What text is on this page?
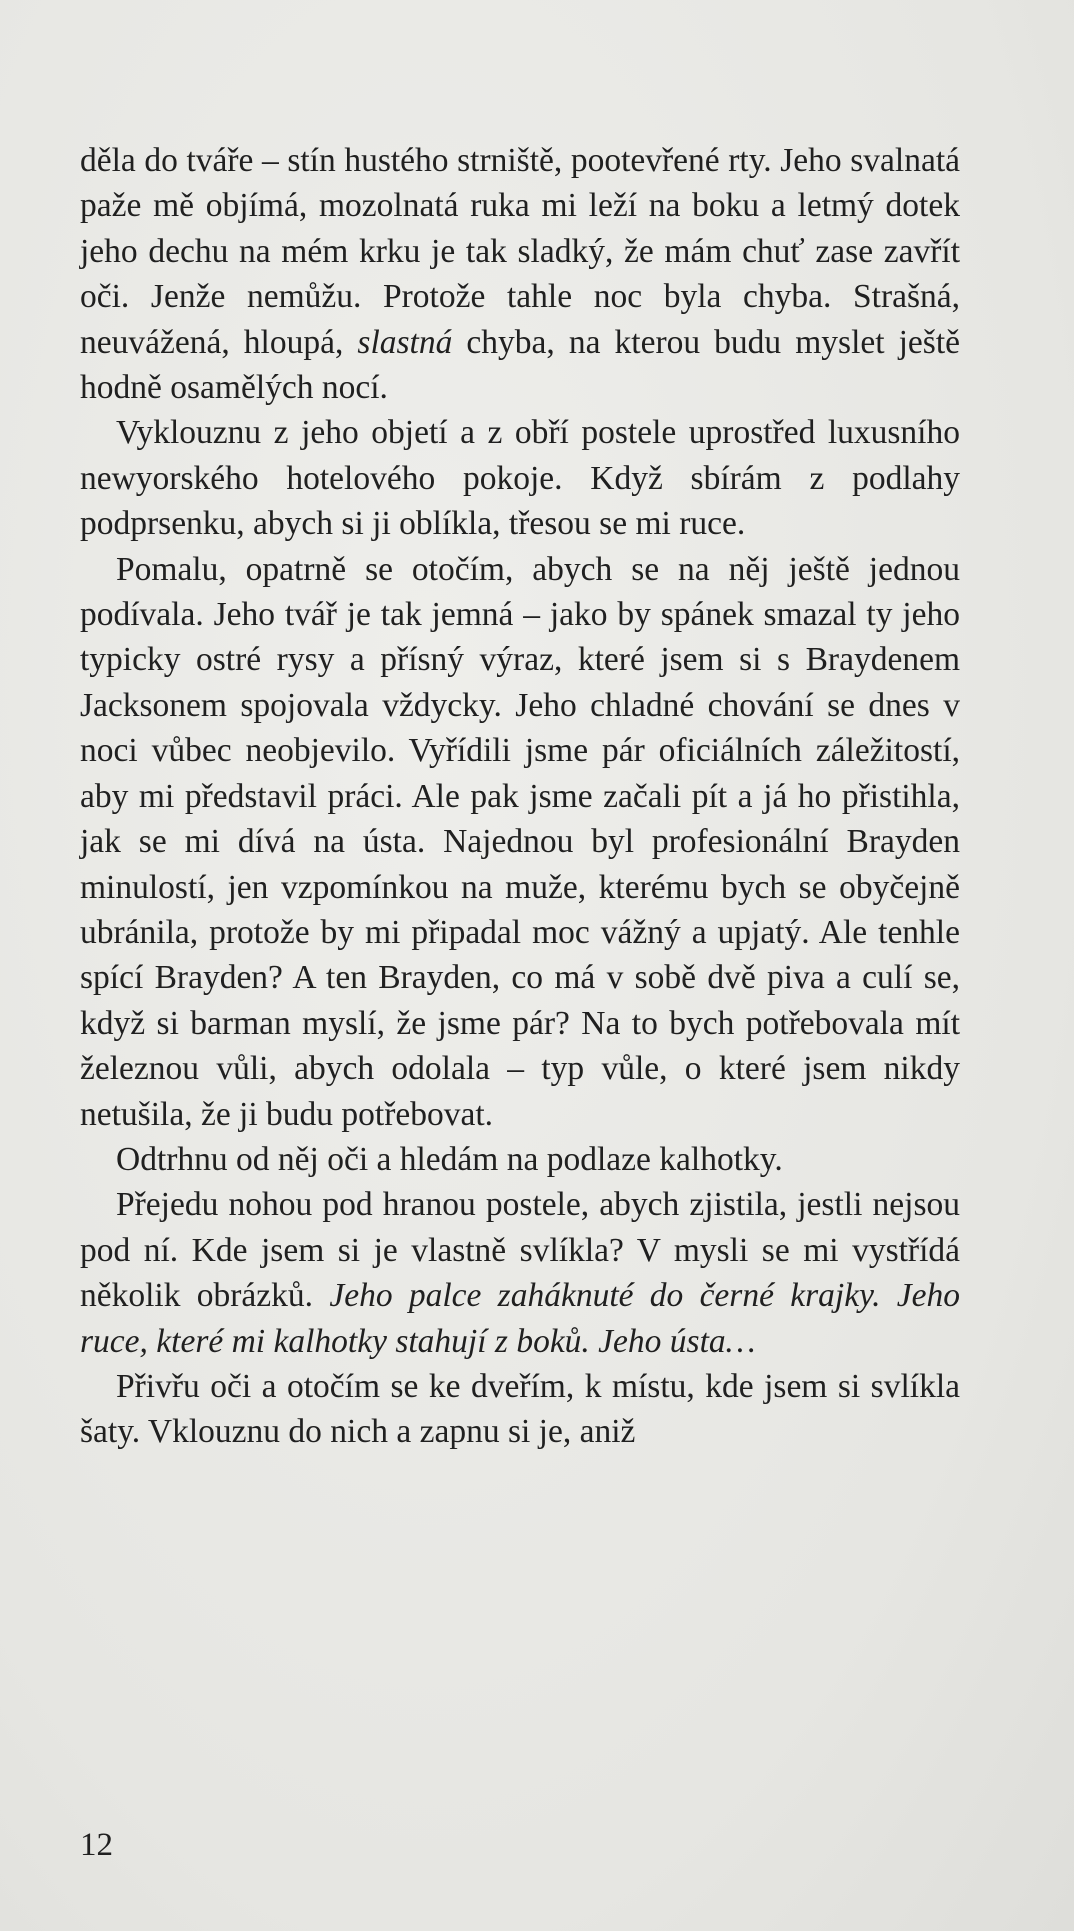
děla do tváře – stín hustého strniště, pootevřené rty. Jeho svalnatá paže mě objímá, mozolnatá ruka mi leží na boku a letmý dotek jeho dechu na mém krku je tak sladký, že mám chuť zase zavřít oči. Jenže nemůžu. Protože tahle noc byla chyba. Strašná, neuvážená, hloupá, slastná chyba, na kterou budu myslet ještě hodně osamělých nocí.

Vyklouznu z jeho objetí a z obří postele uprostřed luxusního newyorského hotelového pokoje. Když sbírám z podlahy podprsenku, abych si ji oblíkla, třesou se mi ruce.

Pomalu, opatrně se otočím, abych se na něj ještě jednou podívala. Jeho tvář je tak jemná – jako by spánek smazal ty jeho typicky ostré rysy a přísný výraz, které jsem si s Braydenem Jacksonem spojovala vždycky. Jeho chladné chování se dnes v noci vůbec neobjevilo. Vyřídili jsme pár oficiálních záležitostí, aby mi představil práci. Ale pak jsme začali pít a já ho přistihla, jak se mi dívá na ústa. Najednou byl profesionální Brayden minulostí, jen vzpomínkou na muže, kterému bych se obyčejně ubránila, protože by mi připadal moc vážný a upjatý. Ale tenhle spící Brayden? A ten Brayden, co má v sobě dvě piva a culí se, když si barman myslí, že jsme pár? Na to bych potřebovala mít železnou vůli, abych odolala – typ vůle, o které jsem nikdy netušila, že ji budu potřebovat.

Odtrhnu od něj oči a hledám na podlaze kalhotky.

Přejedu nohou pod hranou postele, abych zjistila, jestli nejsou pod ní. Kde jsem si je vlastně svlíkla? V mysli se mi vystřídá několik obrázků. Jeho palce zaháknuté do černé krajky. Jeho ruce, které mi kalhotky stahují z boků. Jeho ústa…

Přivřu oči a otočím se ke dveřím, k místu, kde jsem si svlíkla šaty. Vklouznu do nich a zapnu si je, aniž

12
